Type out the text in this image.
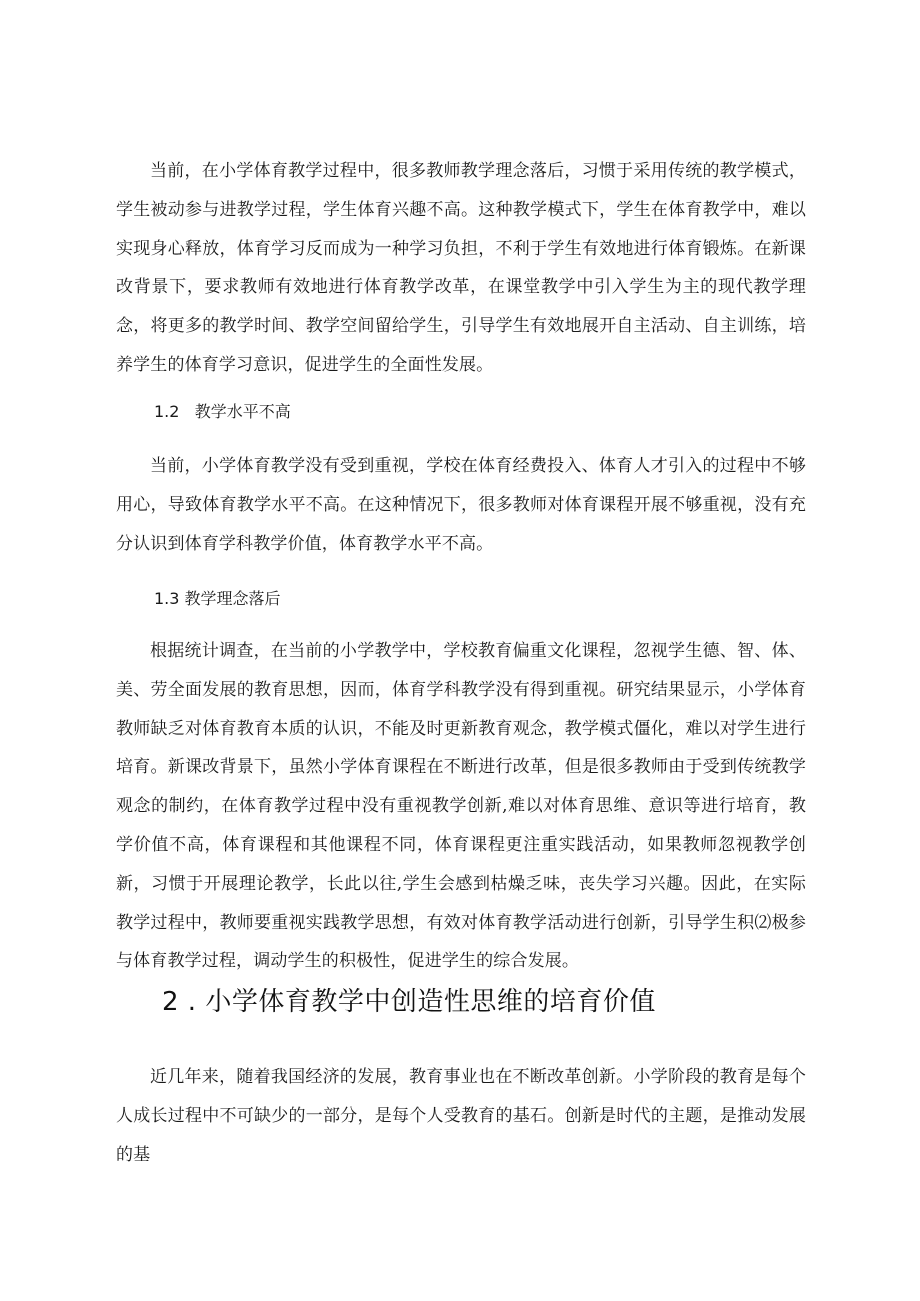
当前，在小学体育教学过程中，很多教师教学理念落后，习惯于采用传统的教学模式，学生被动参与进教学过程，学生体育兴趣不高。这种教学模式下，学生在体育教学中，难以实现身心释放，体育学习反而成为一种学习负担，不利于学生有效地进行体育锻炼。在新课改背景下，要求教师有效地进行体育教学改革，在课堂教学中引入学生为主的现代教学理念，将更多的教学时间、教学空间留给学生，引导学生有效地展开自主活动、自主训练，培养学生的体育学习意识，促进学生的全面性发展。

1.2   教学水平不高

当前，小学体育教学没有受到重视，学校在体育经费投入、体育人才引入的过程中不够用心，导致体育教学水平不高。在这种情况下，很多教师对体育课程开展不够重视，没有充分认识到体育学科教学价值，体育教学水平不高。

1.3 教学理念落后

根据统计调查，在当前的小学教学中，学校教育偏重文化课程，忽视学生德、智、体、美、劳全面发展的教育思想，因而，体育学科教学没有得到重视。研究结果显示，小学体育教师缺乏对体育教育本质的认识，不能及时更新教育观念，教学模式僵化，难以对学生进行培育。新课改背景下，虽然小学体育课程在不断进行改革，但是很多教师由于受到传统教学观念的制约，在体育教学过程中没有重视教学创新,难以对体育思维、意识等进行培育，教学价值不高，体育课程和其他课程不同，体育课程更注重实践活动，如果教师忽视教学创新，习惯于开展理论教学，长此以往,学生会感到枯燥乏味，丧失学习兴趣。因此，在实际教学过程中，教师要重视实践教学思想，有效对体育教学活动进行创新，引导学生积⑵极参与体育教学过程，调动学生的积极性，促进学生的综合发展。

2 . 小学体育教学中创造性思维的培育价值

近几年来，随着我国经济的发展，教育事业也在不断改革创新。小学阶段的教育是每个人成长过程中不可缺少的一部分，是每个人受教育的基石。创新是时代的主题，是推动发展的基
